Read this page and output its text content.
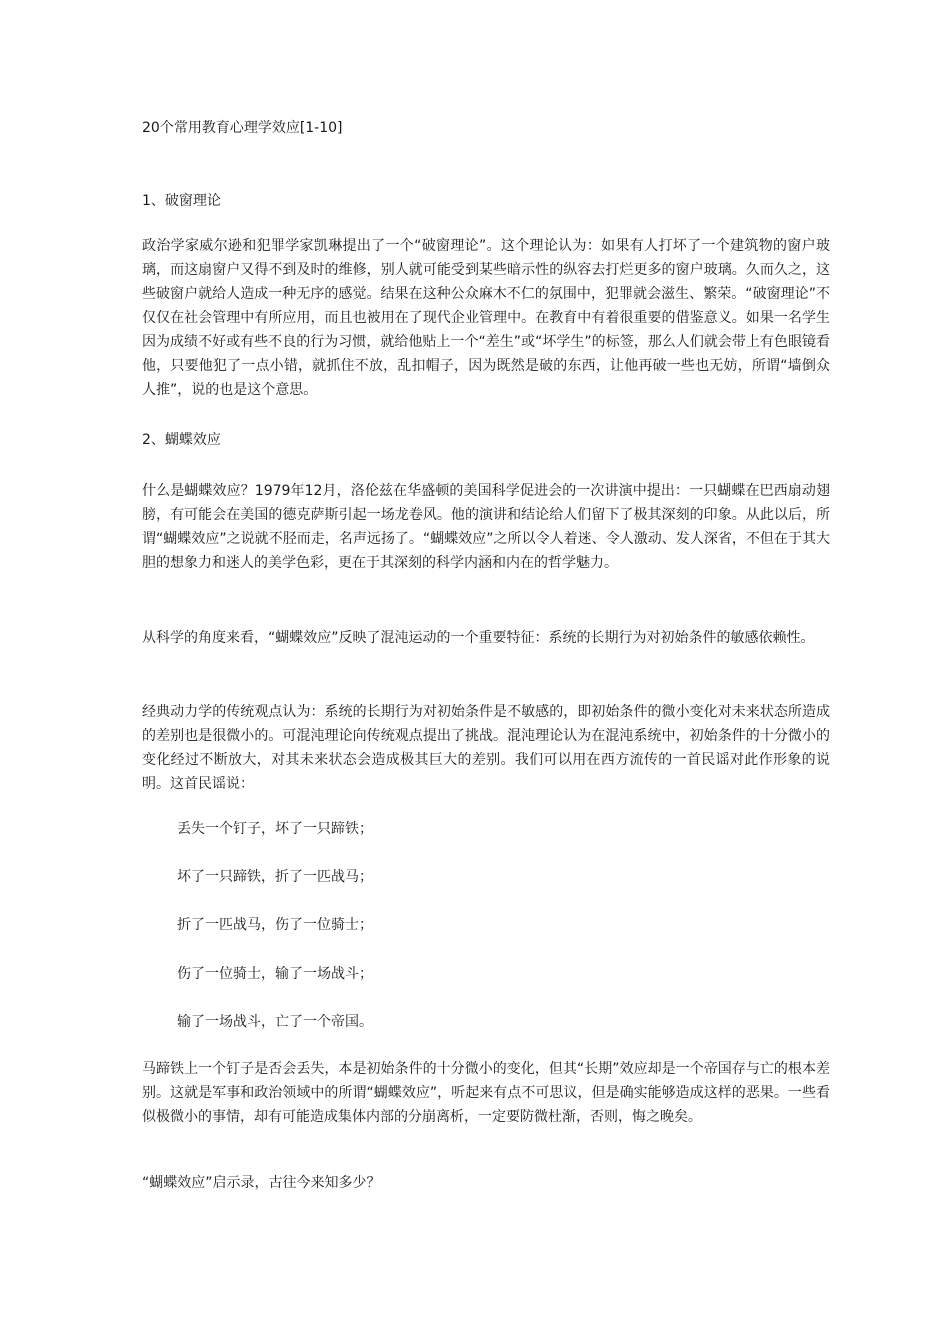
20个常用教育心理学效应[1-10]

1、破窗理论

政治学家威尔逊和犯罪学家凯琳提出了一个“破窗理论”。这个理论认为：如果有人打坏了一个建筑物的窗户玻璃，而这扇窗户又得不到及时的维修，别人就可能受到某些暗示性的纵容去打烂更多的窗户玻璃。久而久之，这些破窗户就给人造成一种无序的感觉。结果在这种公众麻木不仁的氛围中，犯罪就会滋生、繁荣。“破窗理论”不仅仅在社会管理中有所应用，而且也被用在了现代企业管理中。在教育中有着很重要的借鉴意义。如果一名学生因为成绩不好或有些不良的行为习惯，就给他贴上一个“差生”或“坏学生”的标签，那么人们就会带上有色眼镜看他，只要他犯了一点小错，就抓住不放，乱扣帽子，因为既然是破的东西，让他再破一些也无妨，所谓“墙倒众人推”，说的也是这个意思。

2、蝴蝶效应

什么是蝴蝶效应？1979年12月，洛伦兹在华盛顿的美国科学促进会的一次讲演中提出：一只蝴蝶在巴西扇动翅膀，有可能会在美国的德克萨斯引起一场龙卷风。他的演讲和结论给人们留下了极其深刻的印象。从此以后，所谓“蝴蝶效应”之说就不胫而走，名声远扬了。“蝴蝶效应”之所以令人着迷、令人激动、发人深省，不但在于其大胆的想象力和迷人的美学色彩，更在于其深刻的科学内涵和内在的哲学魅力。

从科学的角度来看，“蝴蝶效应”反映了混沌运动的一个重要特征：系统的长期行为对初始条件的敏感依赖性。

经典动力学的传统观点认为：系统的长期行为对初始条件是不敏感的，即初始条件的微小变化对未来状态所造成的差别也是很微小的。可混沌理论向传统观点提出了挑战。混沌理论认为在混沌系统中，初始条件的十分微小的变化经过不断放大，对其未来状态会造成极其巨大的差别。我们可以用在西方流传的一首民谣对此作形象的说明。这首民谣说：

丢失一个钉子，坏了一只蹄铁；

坏了一只蹄铁，折了一匹战马；

折了一匹战马，伤了一位骑士；

伤了一位骑士，输了一场战斗；

输了一场战斗，亡了一个帝国。

马蹄铁上一个钉子是否会丢失，本是初始条件的十分微小的变化，但其“长期”效应却是一个帝国存与亡的根本差别。这就是军事和政治领域中的所谓“蝴蝶效应”，听起来有点不可思议，但是确实能够造成这样的恶果。一些看似极微小的事情，却有可能造成集体内部的分崩离析，一定要防微杜渐，否则，悔之晚矣。

“蝴蝶效应”启示录，古往今来知多少？
